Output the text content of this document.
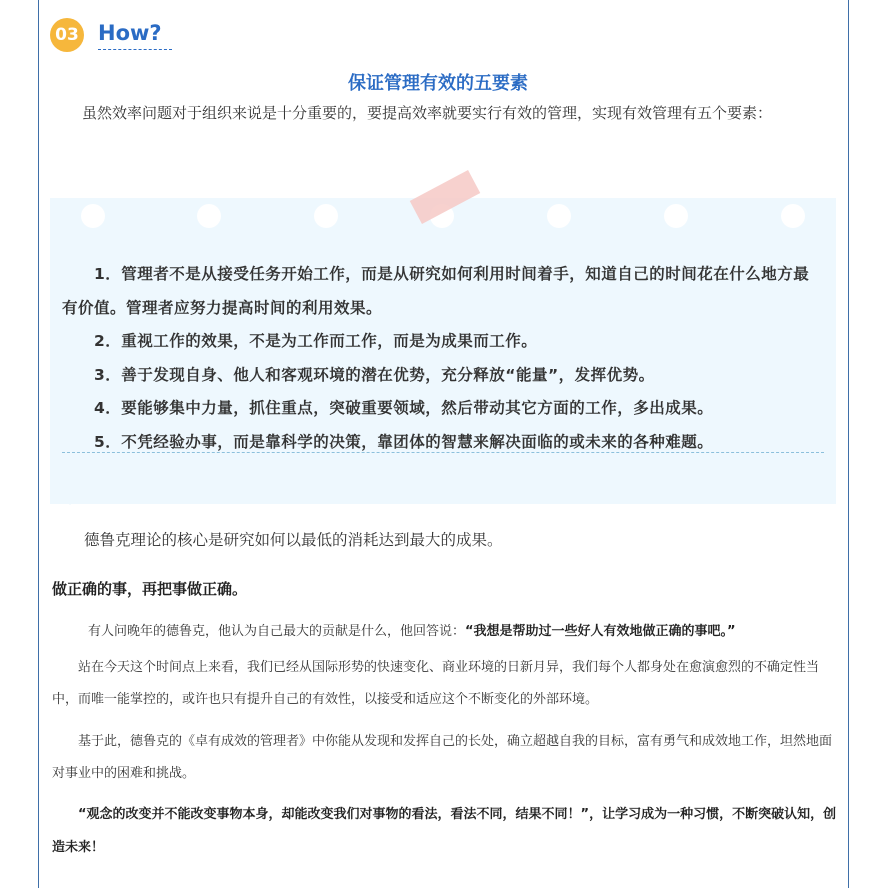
03 How?
保证管理有效的五要素

虽然效率问题对于组织来说是十分重要的，要提高效率就要实行有效的管理，实现有效管理有五个要素：

1．管理者不是从接受任务开始工作，而是从研究如何利用时间着手，知道自己的时间花在什么地方最有价值。管理者应努力提高时间的利用效果。
2．重视工作的效果，不是为工作而工作，而是为成果而工作。
3．善于发现自身、他人和客观环境的潜在优势，充分释放“能量”，发挥优势。
4．要能够集中力量，抓住重点，突破重要领域，然后带动其它方面的工作，多出成果。
5．不凭经验办事，而是靠科学的决策，靠团体的智慧来解决面临的或未来的各种难题。

德鲁克理论的核心是研究如何以最低的消耗达到最大的成果。

做正确的事，再把事做正确。

有人问晚年的德鲁克，他认为自己最大的贡献是什么，他回答说：“我想是帮助过一些好人有效地做正确的事吧。”

站在今天这个时间点上来看，我们已经从国际形势的快速变化、商业环境的日新月异，我们每个人都身处在愈演愈烈的不确定性当中，而唯一能掌控的，或许也只有提升自己的有效性，以接受和适应这个不断变化的外部环境。

基于此，德鲁克的《卓有成效的管理者》中你能从发现和发挥自己的长处，确立超越自我的目标，富有勇气和成效地工作，坦然地面对事业中的困难和挑战。

“观念的改变并不能改变事物本身，却能改变我们对事物的看法，看法不同，结果不同！”，让学习成为一种习惯，不断突破认知，创造未来！
